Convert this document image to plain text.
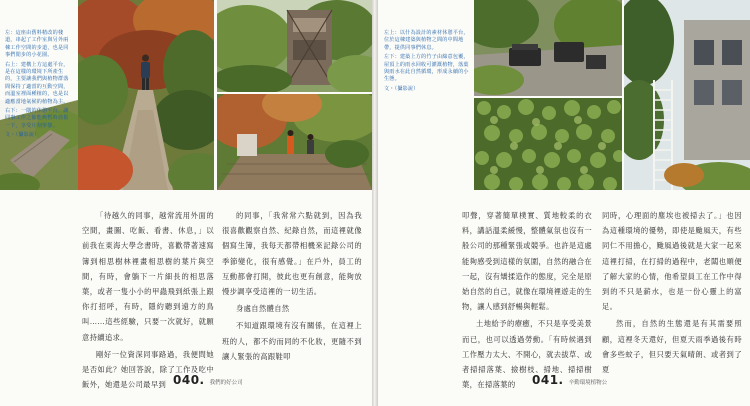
左：這座由舊料精改的棧道，串起了工作室與另外兩棟工作空間的步道，也是同事們閒步的小花園。
右上：建構上方這處平台，是在這樣的環境下所產生的，主要讓我們與植物群落間保持了適當的互動空間，而溫室裡面種植的，也是以適應當地氣候的植物為主。
右下：一隅的休憩平台，讓同事工作之餘能夠暫時放鬆一下，享受片刻寧靜。
文・（攝影說）

「待越久的同事，越常流用外面的空間，畫圖、吃飯、看書、休息，」以前我在東海大學念書時，喜歡帶著速寫簿到相思樹林裡畫相思樹的葉片與空間，有時，會躺下一片細長的相思落葉，或者一隻小小的甲蟲飛到紙張上跟你打招呼，有時，隱約聽到遠方的鳥叫……這些經驗，只要一次就好，就願意持續追求。

剛好一位資深同事路過，我便問她是否如此？她回答說，除了工作及吃中飯外，她還是公司最早到

的同事，「我常常六點就到，因為我很喜歡觀察自然、紀錄自然，而這裡就像個寫生簿，我每天都帶相機來記錄公司的季節變化，很有感覺。」在戶外，員工的互動都會打開，彼此也更有創意，能夠放慢步調享受這裡的一切生活。

身處自然體自然

不知道跟環境有沒有關係，在這裡上班的人，都不約而同的不化妝，更隨不到讓人緊張的高跟鞋叩

040. 我們的好公司
左上：以什為設計的素材休憩平台，位於這棟建築與植物之間的中間地帶，提供同事們休息。
左下：建築上方的竹子由綠意包覆，屋頂上的雨水回收可灌溉植物，落葉與雨水在此自然循環，形成永續的小生態。
文・（攝影說）

叩聲，穿著簡單樸實、質地較柔的衣料，講話溫柔緩慢，整體氣氛也沒有一般公司的那種緊張或競爭。也許是這處能夠感受到這樣的氛圍，自然的融合在一起，沒有矯揉造作的態度，完全是原始自然的自己，就像在環境裡遊走的生物，讓人感到舒暢與輕鬆。

土地給予的療癒，不只是享受美景而已，也可以透過勞動。「有時候遇到工作壓力太大、不開心，就去拔草、或者掃掃落葉、撿樹枝、掃地、掃掃樹葉，在掃落葉的

同時，心理面的塵埃也被掃去了。」也因為這種環境的優勢，即使是颱風天，有些同仁不用擔心，颱風過後就是大家一起來這裡打掃，在打掃的過程中，老闆也順便了解大家的心情，他希望員工在工作中得到的不只是薪水，也是一份心靈上的富足。

然而，自然的生態還是有其需要照顧，這裡冬天還好，但夏天雨季過後有時會多些蚊子，但只要天氣晴朗、或者到了夏

041. 辛勤環境植物公
